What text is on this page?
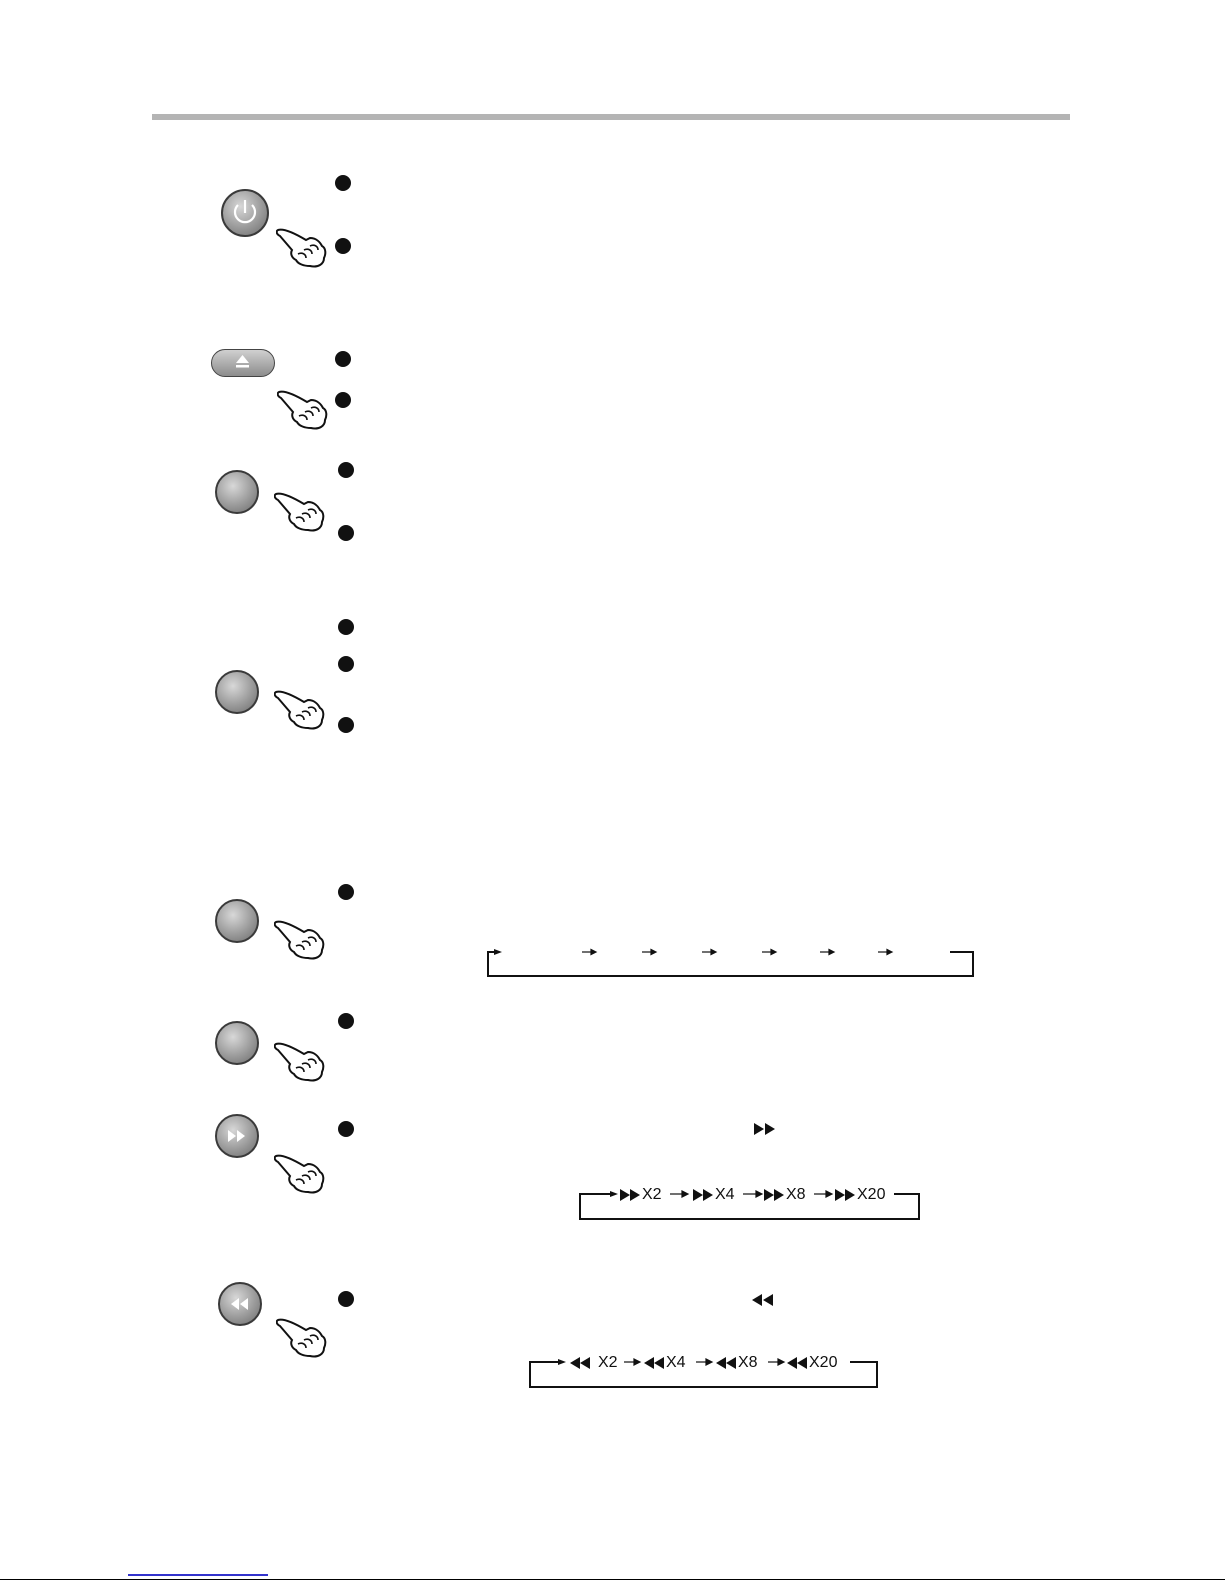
X2	X4	X8	X20
X2	X4	X8	X20
